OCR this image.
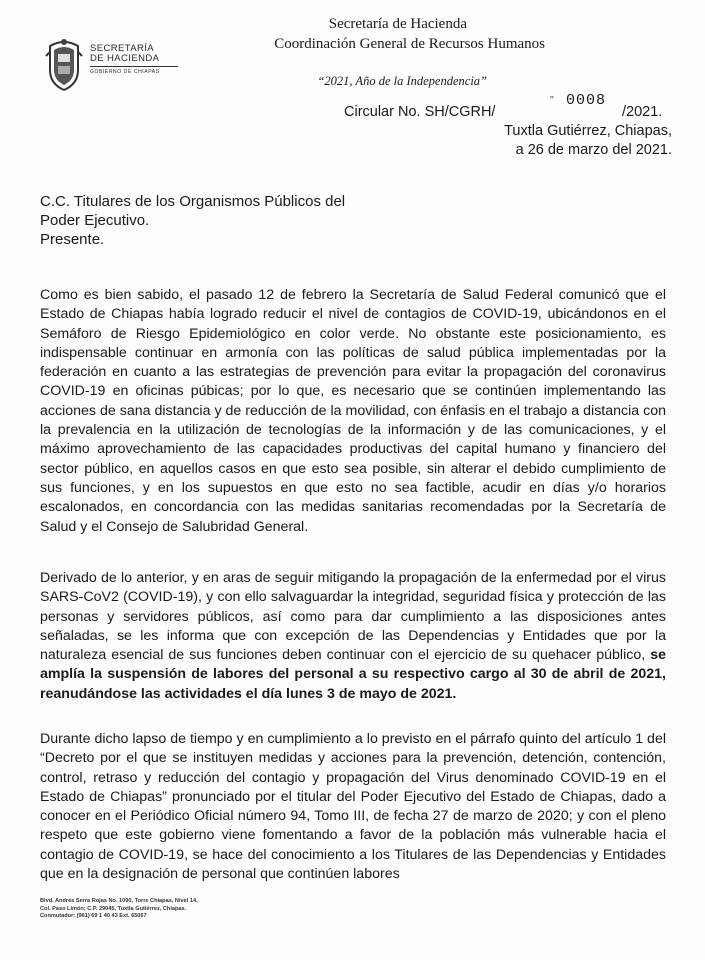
SECRETARÍA
DE HACIENDA
GOBIERNO DE CHIAPAS
Secretaría de Hacienda
Coordinación General de Recursos Humanos
“2021, Año de la Independencia”
Circular No. SH/CGRH/
'' 0008
/2021.
Tuxtla Gutiérrez, Chiapas,
a 26 de marzo del 2021.
C.C. Titulares de los Organismos Públicos del
Poder Ejecutivo.
Presente.
Como es bien sabido, el pasado 12 de febrero la Secretaría de Salud Federal comunicó que el Estado de Chiapas había logrado reducir el nivel de contagios de COVID-19, ubicándonos en el Semáforo de Riesgo Epidemiológico en color verde. No obstante este posicionamiento, es indispensable continuar en armonía con las políticas de salud pública implementadas por la federación en cuanto a las estrategias de prevención para evitar la propagación del coronavirus COVID-19 en oficinas púbicas; por lo que, es necesario que se continúen implementando las acciones de sana distancia y de reducción de la movilidad, con énfasis en el trabajo a distancia con la prevalencia en la utilización de tecnologías de la información y de las comunicaciones, y el máximo aprovechamiento de las capacidades productivas del capital humano y financiero del sector público, en aquellos casos en que esto sea posible, sin alterar el debido cumplimiento de sus funciones, y en los supuestos en que esto no sea factible, acudir en días y/o horarios escalonados, en concordancia con las medidas sanitarias recomendadas por la Secretaría de Salud y el Consejo de Salubridad General.
Derivado de lo anterior, y en aras de seguir mitigando la propagación de la enfermedad por el virus SARS-CoV2 (COVID-19), y con ello salvaguardar la integridad, seguridad física y protección de las personas y servidores públicos, así como para dar cumplimiento a las disposiciones antes señaladas, se les informa que con excepción de las Dependencias y Entidades que por la naturaleza esencial de sus funciones deben continuar con el ejercicio de su quehacer público, se amplía la suspensión de labores del personal a su respectivo cargo al 30 de abril de 2021, reanudándose las actividades el día lunes 3 de mayo de 2021.
Durante dicho lapso de tiempo y en cumplimiento a lo previsto en el párrafo quinto del artículo 1 del “Decreto por el que se instituyen medidas y acciones para la prevención, detención, contención, control, retraso y reducción del contagio y propagación del Virus denominado COVID-19 en el Estado de Chiapas” pronunciado por el titular del Poder Ejecutivo del Estado de Chiapas, dado a conocer en el Periódico Oficial número 94, Tomo III, de fecha 27 de marzo de 2020; y con el pleno respeto que este gobierno viene fomentando a favor de la población más vulnerable hacia el contagio de COVID-19, se hace del conocimiento a los Titulares de las Dependencias y Entidades que en la designación de personal que continúen labores
Blvd. Andrés Serra Rojas No. 1090, Torre Chiapas, Nivel 14,
Col. Paso Limón; C.P. 29045, Tuxtla Gutiérrez, Chiapas.
Conmutador: (961) 69 1 40 43 Ext. 65067
